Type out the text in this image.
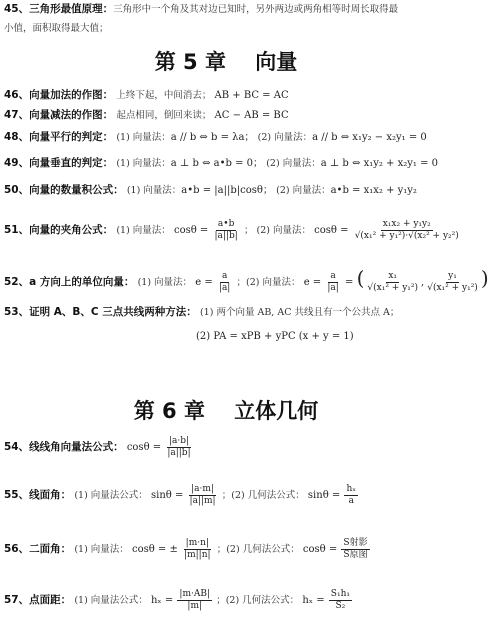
45、三角形最值原理：三角形中一个角及其对边已知时，另外两边或两角相等时周长取得最
小值，面积取得最大值；
第 5 章    向量
46、向量加法的作图： 上终下起，中间消去； AB + BC = AC
47、向量减法的作图： 起点相同，倒回来读； AC − AB = BC
48、向量平行的判定： (1) 向量法：a // b ⇔ b = λa； (2) 向量法：a // b ⇔ x₁y₂ − x₂y₁ = 0
49、向量垂直的判定： (1) 向量法：a ⊥ b ⇔ a•b = 0； (2) 向量法：a ⊥ b ⇔ x₁y₂ + x₂y₁ = 0
50、向量的数量积公式： (1) 向量法：a•b = |a||b|cosθ； (2) 向量法：a•b = x₁x₂ + y₁y₂
51、向量的夹角公式： (1) 向量法： $\cos\theta = \frac{a•b}{|a||b|}$ ； (2) 向量法： $\cos\theta = \frac{\text{x₁x₂ + y₁y₂}}{\text{√(x₁² + y₁²)·√(x₂² + y₂²)}}$
52、a 方向上的单位向量： (1) 向量法： $e = \frac{a}{|a|}$ ；(2) 向量法： $e = \frac{a}{|a|}$ = ( $\frac{\text{x₁}}{\text{√(x₁² + y₁²)}}$ , $\frac{\text{y₁}}{\text{√(x₁² + y₁²)}}$ )
53、证明 A、B、C 三点共线两种方法： (1) 两个向量 AB, AC 共线且有一个公共点 A；
(2) PA = xPB + yPC (x + y = 1)
第 6 章    立体几何
54、线线角向量法公式： $\cos\theta = \frac{|a\cdot b|}{|a||b|}$
55、线面角： (1) 向量法公式： $\sin\theta = \frac{|a\cdot m|}{|a||m|}$ ；(2) 几何法公式： $\sin\theta = \frac{\text{hₓ}}{a}$
56、二面角： (1) 向量法： cosθ = ± $\frac{|m\cdot n|}{|m||n|}$ ；(2) 几何法公式： $\cos\theta = \frac{\text{S射影}}{\text{S原图}}$
57、点面距： (1) 向量法公式： $h_x = \frac{|m\cdot AB|}{|m|}$ ；(2) 几何法公式： $h_x = \frac{\text{S₁h₁}}{\text{S₂}}$
